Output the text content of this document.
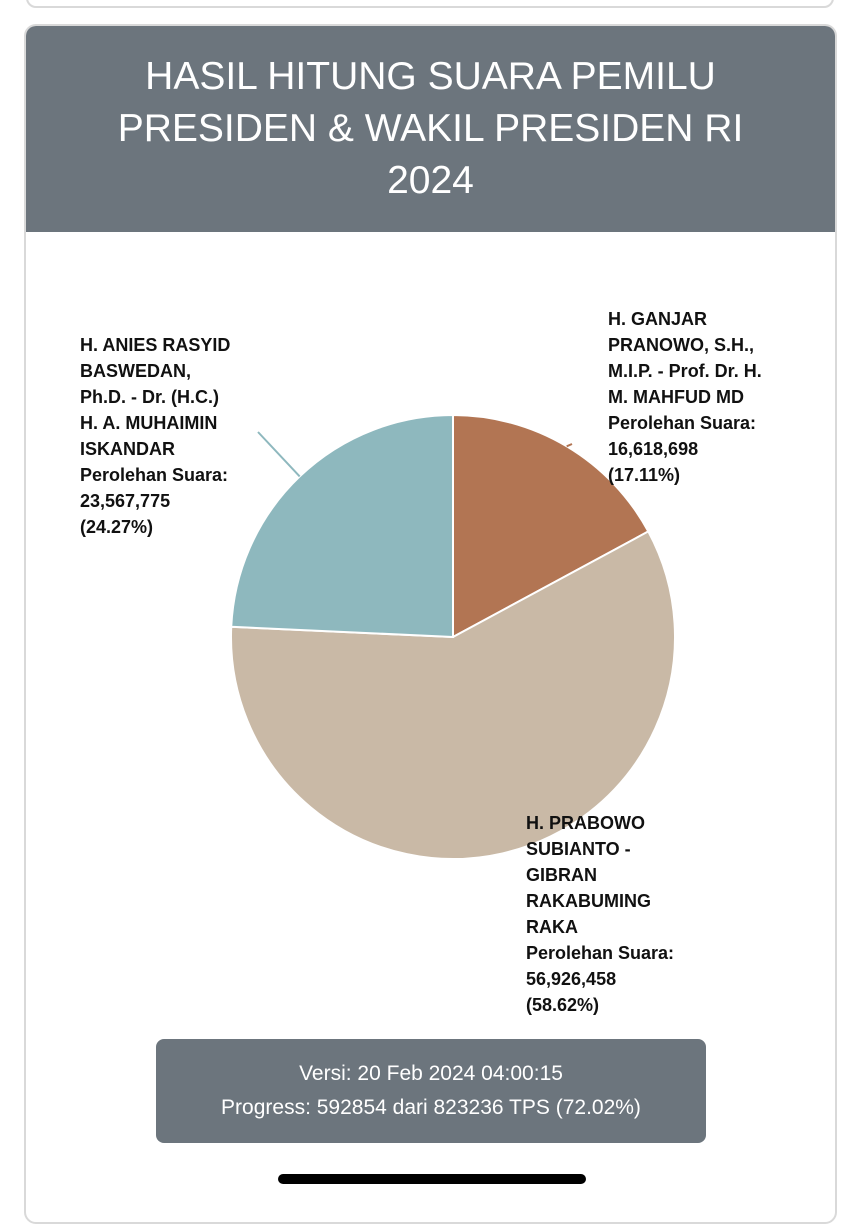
HASIL HITUNG SUARA PEMILU
PRESIDEN & WAKIL PRESIDEN RI
2024
H. GANJAR
PRANOWO, S.H.,
M.I.P. - Prof. Dr. H.
M. MAHFUD MD
Perolehan Suara:
16,618,698
(17.11%)
H. ANIES RASYID
BASWEDAN,
Ph.D. - Dr. (H.C.)
H. A. MUHAIMIN
ISKANDAR
Perolehan Suara:
23,567,775
(24.27%)
H. PRABOWO
SUBIANTO -
GIBRAN
RAKABUMING
RAKA
Perolehan Suara:
56,926,458
(58.62%)
Versi: 20 Feb 2024 04:00:15
Progress: 592854 dari 823236 TPS (72.02%)
